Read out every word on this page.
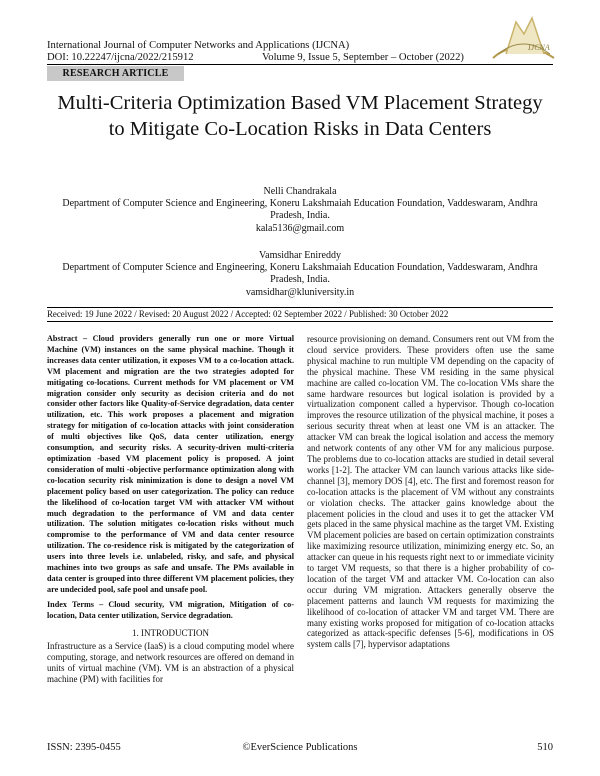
International Journal of Computer Networks and Applications (IJCNA)
DOI: 10.22247/ijcna/2022/215912	Volume 9, Issue 5, September – October (2022)
IJCNA
RESEARCH ARTICLE
Multi-Criteria Optimization Based VM Placement Strategy to Mitigate Co-Location Risks in Data Centers
Nelli Chandrakala
Department of Computer Science and Engineering, Koneru Lakshmaiah Education Foundation, Vaddeswaram, Andhra Pradesh, India.
kala5136@gmail.com
Vamsidhar Enireddy
Department of Computer Science and Engineering, Koneru Lakshmaiah Education Foundation, Vaddeswaram, Andhra Pradesh, India.
vamsidhar@kluniversity.in
Received: 19 June 2022 / Revised: 20 August 2022 / Accepted: 02 September 2022 / Published: 30 October 2022

Abstract – Cloud providers generally run one or more Virtual Machine (VM) instances on the same physical machine. Though it increases data center utilization, it exposes VM to a co-location attack. VM placement and migration are the two strategies adopted for mitigating co-locations. Current methods for VM placement or VM migration consider only security as decision criteria and do not consider other factors like Quality-of-Service degradation, data center utilization, etc. This work proposes a placement and migration strategy for mitigation of co-location attacks with joint consideration of multi objectives like QoS, data center utilization, energy consumption, and security risks. A security-driven multi-criteria optimization -based VM placement policy is proposed. A joint consideration of multi -objective performance optimization along with co-location security risk minimization is done to design a novel VM placement policy based on user categorization. The policy can reduce the likelihood of co-location target VM with attacker VM without much degradation to the performance of VM and data center utilization. The solution mitigates co-location risks without much compromise to the performance of VM and data center resource utilization. The co-residence risk is mitigated by the categorization of users into three levels i.e. unlabeled, risky, and safe, and physical machines into two groups as safe and unsafe. The PMs available in data center is grouped into three different VM placement policies, they are undecided pool, safe pool and unsafe pool.

Index Terms – Cloud security, VM migration, Mitigation of co-location, Data center utilization, Service degradation.

1. INTRODUCTION

Infrastructure as a Service (IaaS) is a cloud computing model where computing, storage, and network resources are offered on demand in units of virtual machine (VM). VM is an abstraction of a physical machine (PM) with facilities for

resource provisioning on demand. Consumers rent out VM from the cloud service providers. These providers often use the same physical machine to run multiple VM depending on the capacity of the physical machine. These VM residing in the same physical machine are called co-location VM. The co-location VMs share the same hardware resources but logical isolation is provided by a virtualization component called a hypervisor. Though co-location improves the resource utilization of the physical machine, it poses a serious security threat when at least one VM is an attacker. The attacker VM can break the logical isolation and access the memory and network contents of any other VM for any malicious purpose. The problems due to co-location attacks are studied in detail several works [1-2]. The attacker VM can launch various attacks like side-channel [3], memory DOS [4], etc. The first and foremost reason for co-location attacks is the placement of VM without any constraints or violation checks. The attacker gains knowledge about the placement policies in the cloud and uses it to get the attacker VM gets placed in the same physical machine as the target VM. Existing VM placement policies are based on certain optimization constraints like maximizing resource utilization, minimizing energy etc. So, an attacker can queue in his requests right next to or immediate vicinity to target VM requests, so that there is a higher probability of co-location of the target VM and attacker VM. Co-location can also occur during VM migration. Attackers generally observe the placement patterns and launch VM requests for maximizing the likelihood of co-location of attacker VM and target VM. There are many existing works proposed for mitigation of co-location attacks categorized as attack-specific defenses [5-6], modifications in OS system calls [7], hypervisor adaptations

ISSN: 2395-0455	©EverScience Publications	510
